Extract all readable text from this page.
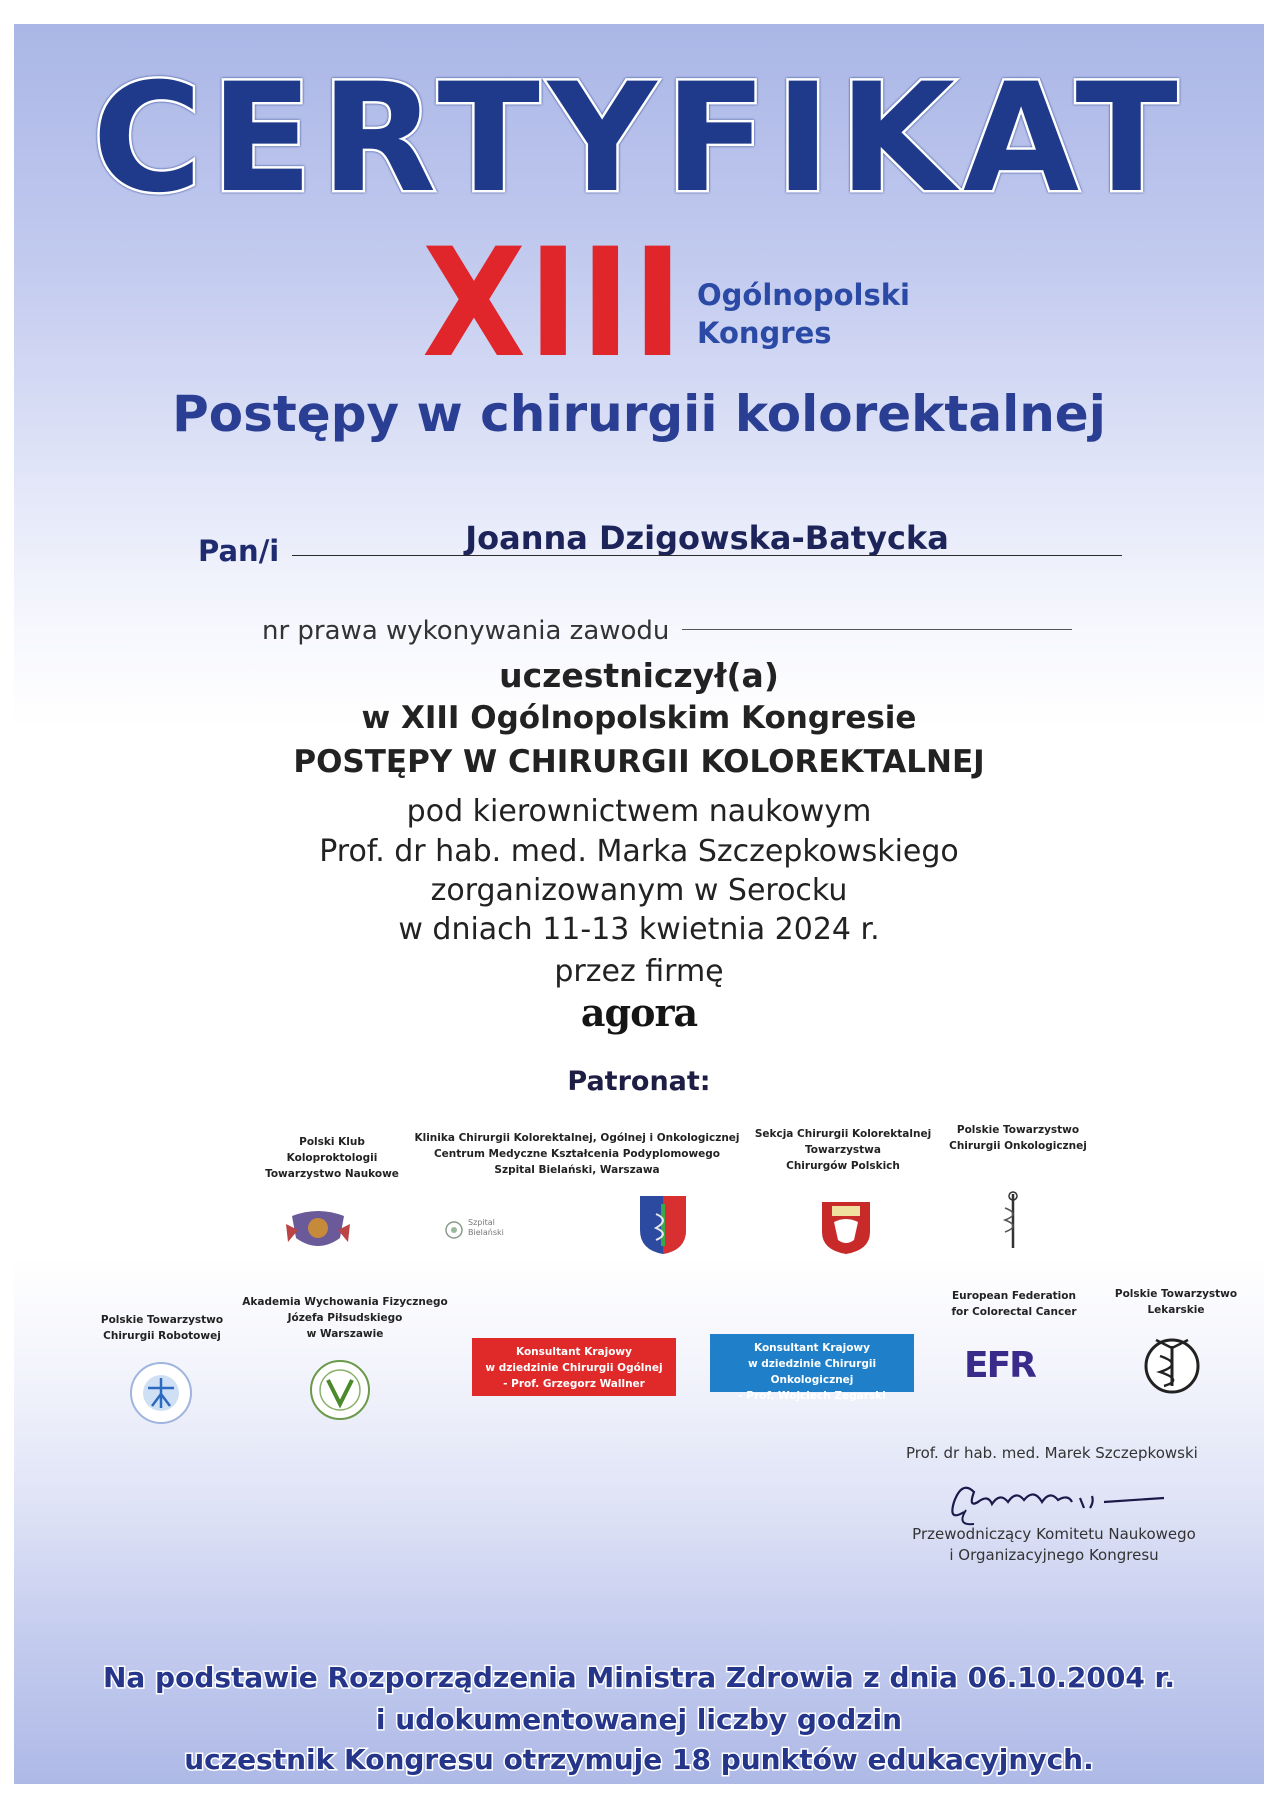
CERTYFIKAT
XIII Ogólnopolski
Kongres
Postępy w chirurgii kolorektalnej
Pan/i	Joanna Dzigowska-Batycka
nr prawa wykonywania zawodu
uczestniczył(a)
w XIII Ogólnopolskim Kongresie
POSTĘPY W CHIRURGII KOLOREKTALNEJ
pod kierownictwem naukowym
Prof. dr hab. med. Marka Szczepkowskiego
zorganizowanym w Serocku
w dniach 11-13 kwietnia 2024 r.
przez firmę
agora
Patronat:
Polski Klub
Koloproktologii
Towarzystwo Naukowe
Klinika Chirurgii Kolorektalnej, Ogólnej i Onkologicznej
Centrum Medyczne Kształcenia Podyplomowego
Szpital Bielański, Warszawa
Szpital
Bielański
Sekcja Chirurgii Kolorektalnej
Towarzystwa
Chirurgów Polskich
Polskie Towarzystwo
Chirurgii Onkologicznej
Polskie Towarzystwo
Chirurgii Robotowej
Akademia Wychowania Fizycznego
Józefa Piłsudskiego
w Warszawie
Konsultant Krajowy
w dziedzinie Chirurgii Ogólnej
- Prof. Grzegorz Wallner
Konsultant Krajowy
w dziedzinie Chirurgii Onkologicznej
- Prof. Wojciech Zegarski
European Federation
for Colorectal Cancer
EFR
Polskie Towarzystwo
Lekarskie
Prof. dr hab. med. Marek Szczepkowski
Przewodniczący Komitetu Naukowego
i Organizacyjnego Kongresu
Na podstawie Rozporządzenia Ministra Zdrowia z dnia 06.10.2004 r.
i udokumentowanej liczby godzin
uczestnik Kongresu otrzymuje 18 punktów edukacyjnych.
